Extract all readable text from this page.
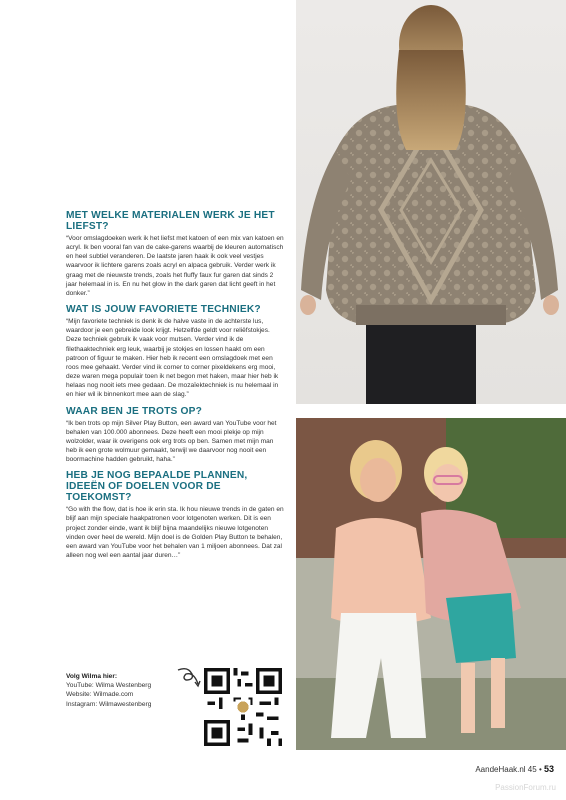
MET WELKE MATERIALEN WERK JE HET LIEFST?

“Voor omslagdoeken werk ik het liefst met katoen of een mix van katoen en acryl. Ik ben vooral fan van de cake-garens waarbij de kleuren automatisch en heel subtiel veranderen. De laatste jaren haak ik ook veel vestjes waarvoor ik lichtere garens zoals acryl en alpaca gebruik. Verder werk ik graag met de nieuwste trends, zoals het fluffy faux fur garen dat sinds 2 jaar helemaal in is. En nu het glow in the dark garen dat licht geeft in het donker.”

WAT IS JOUW FAVORIETE TECHNIEK?

“Mijn favoriete techniek is denk ik de halve vaste in de achterste lus, waardoor je een gebreide look krijgt. Hetzelfde geldt voor reliëfstokjes. Deze techniek gebruik ik vaak voor mutsen. Verder vind ik de filethaaktechniek erg leuk, waarbij je stokjes en lossen haakt om een patroon of figuur te maken. Hier heb ik recent een omslagdoek met een roos mee gehaakt. Verder vind ik corner to corner pixeldekens erg mooi, deze waren mega populair toen ik net begon met haken, maar hier heb ik helaas nog nooit iets mee gedaan. De mozaïektechniek is nu helemaal in en hier wil ik binnenkort mee aan de slag.”

WAAR BEN JE TROTS OP?

“Ik ben trots op mijn Silver Play Button, een award van YouTube voor het behalen van 100.000 abonnees. Deze heeft een mooi plekje op mijn wolzolder, waar ik overigens ook erg trots op ben. Samen met mijn man heb ik een grote wolmuur gemaakt, terwijl we daarvoor nog nooit een boormachine hadden gebruikt, haha.”

HEB JE NOG BEPAALDE PLANNEN, IDEEËN OF DOELEN VOOR DE TOEKOMST?

“Go with the flow, dat is hoe ik erin sta. Ik hou nieuwe trends in de gaten en blijf aan mijn speciale haakpatronen voor lotgenoten werken. Dit is een project zonder einde, want ik blijf bijna maandelijks nieuwe lotgenoten vinden over heel de wereld. Mijn doel is de Golden Play Button te behalen, een award van YouTube voor het behalen van 1 miljoen abonnees. Dat zal alleen nog wel een aantal jaar duren…”

Volg Wilma hier:
YouTube: Wilma Westenberg
Website: Wilmade.com
Instagram: Wilmawestenberg
AandeHaak.nl 45 • 53
PassionForum.ru
